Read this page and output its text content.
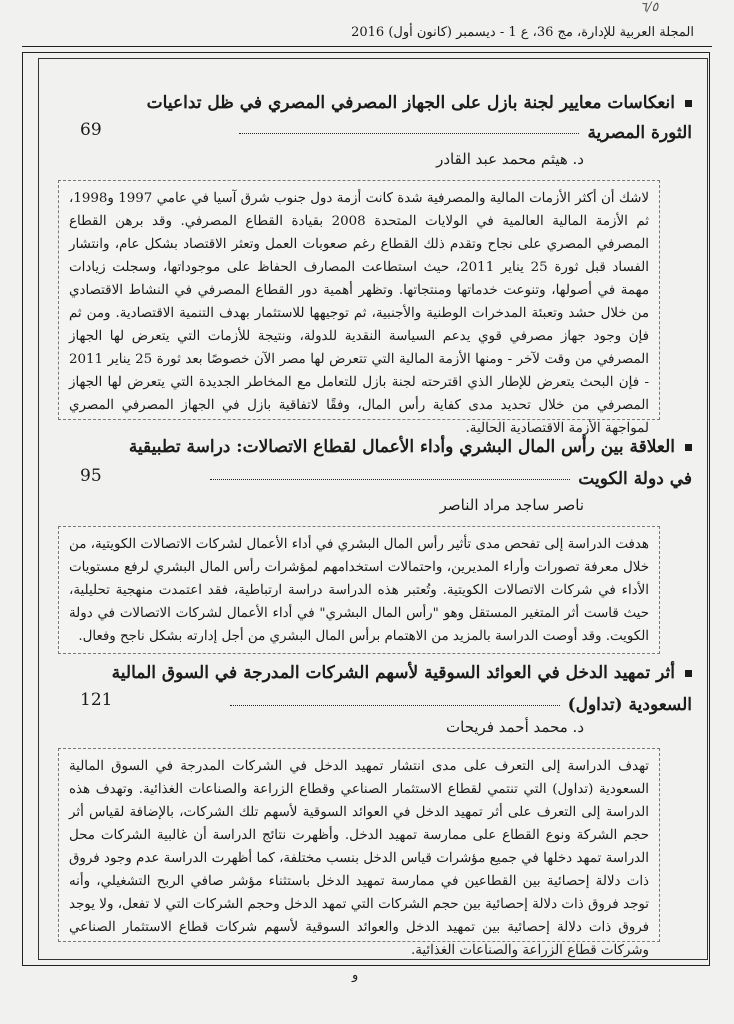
٦/٥
المجلة العربية للإدارة، مج 36، ع 1 - ديسمبر (كانون أول) 2016
انعكاسات معايير لجنة بازل على الجهاز المصرفي المصري في ظل تداعيات
الثورة المصرية
69
د. هيثم محمد عبد القادر
لاشك أن أكثر الأزمات المالية والمصرفية شدة كانت أزمة دول جنوب شرق آسيا في عامي 1997 و1998، ثم الأزمة المالية العالمية في الولايات المتحدة 2008 بقيادة القطاع المصرفي. وقد برهن القطاع المصرفي المصري على نجاح وتقدم ذلك القطاع رغم صعوبات العمل وتعثر الاقتصاد بشكل عام، وانتشار الفساد قبل ثورة 25 يناير 2011، حيث استطاعت المصارف الحفاظ على موجوداتها، وسجلت زيادات مهمة في أصولها، وتنوعت خدماتها ومنتجاتها. وتظهر أهمية دور القطاع المصرفي في النشاط الاقتصادي من خلال حشد وتعبئة المدخرات الوطنية والأجنبية، ثم توجيهها للاستثمار بهدف التنمية الاقتصادية. ومن ثم فإن وجود جهاز مصرفي قوي يدعم السياسة النقدية للدولة، ونتيجة للأزمات التي يتعرض لها الجهاز المصرفي من وقت لآخر - ومنها الأزمة المالية التي تتعرض لها مصر الآن خصوصًا بعد ثورة 25 يناير 2011 - فإن البحث يتعرض للإطار الذي اقترحته لجنة بازل للتعامل مع المخاطر الجديدة التي يتعرض لها الجهاز المصرفي من خلال تحديد مدى كفاية رأس المال، وفقًا لاتفاقية بازل في الجهاز المصرفي المصري لمواجهة الأزمة الاقتصادية الحالية.
العلاقة بين رأس المال البشري وأداء الأعمال لقطاع الاتصالات: دراسة تطبيقية
في دولة الكويت
95
ناصر ساجد مراد الناصر
هدفت الدراسة إلى تفحص مدى تأثير رأس المال البشري في أداء الأعمال لشركات الاتصالات الكويتية، من خلال معرفة تصورات وأراء المديرين، واحتمالات استخدامهم لمؤشرات رأس المال البشري لرفع مستويات الأداء في شركات الاتصالات الكويتية. وتُعتبر هذه الدراسة دراسة ارتباطية، فقد اعتمدت منهجية تحليلية، حيث قاست أثر المتغير المستقل وهو "رأس المال البشري" في أداء الأعمال لشركات الاتصالات في دولة الكويت. وقد أوصت الدراسة بالمزيد من الاهتمام برأس المال البشري من أجل إدارته بشكل ناجح وفعال.
أثر تمهيد الدخل في العوائد السوقية لأسهم الشركات المدرجة في السوق المالية
السعودية (تداول)
121
د. محمد أحمد فريحات
تهدف الدراسة إلى التعرف على مدى انتشار تمهيد الدخل في الشركات المدرجة في السوق المالية السعودية (تداول) التي تنتمي لقطاع الاستثمار الصناعي وقطاع الزراعة والصناعات الغذائية. وتهدف هذه الدراسة إلى التعرف على أثر تمهيد الدخل في العوائد السوقية لأسهم تلك الشركات، بالإضافة لقياس أثر حجم الشركة ونوع القطاع على ممارسة تمهيد الدخل. وأظهرت نتائج الدراسة أن غالبية الشركات محل الدراسة تمهد دخلها في جميع مؤشرات قياس الدخل بنسب مختلفة، كما أظهرت الدراسة عدم وجود فروق ذات دلالة إحصائية بين القطاعين في ممارسة تمهيد الدخل باستثناء مؤشر صافي الربح التشغيلي، وأنه توجد فروق ذات دلالة إحصائية بين حجم الشركات التي تمهد الدخل وحجم الشركات التي لا تفعل، ولا يوجد فروق ذات دلالة إحصائية بين تمهيد الدخل والعوائد السوقية لأسهم شركات قطاع الاستثمار الصناعي وشركات قطاع الزراعة والصناعات الغذائية.
و
